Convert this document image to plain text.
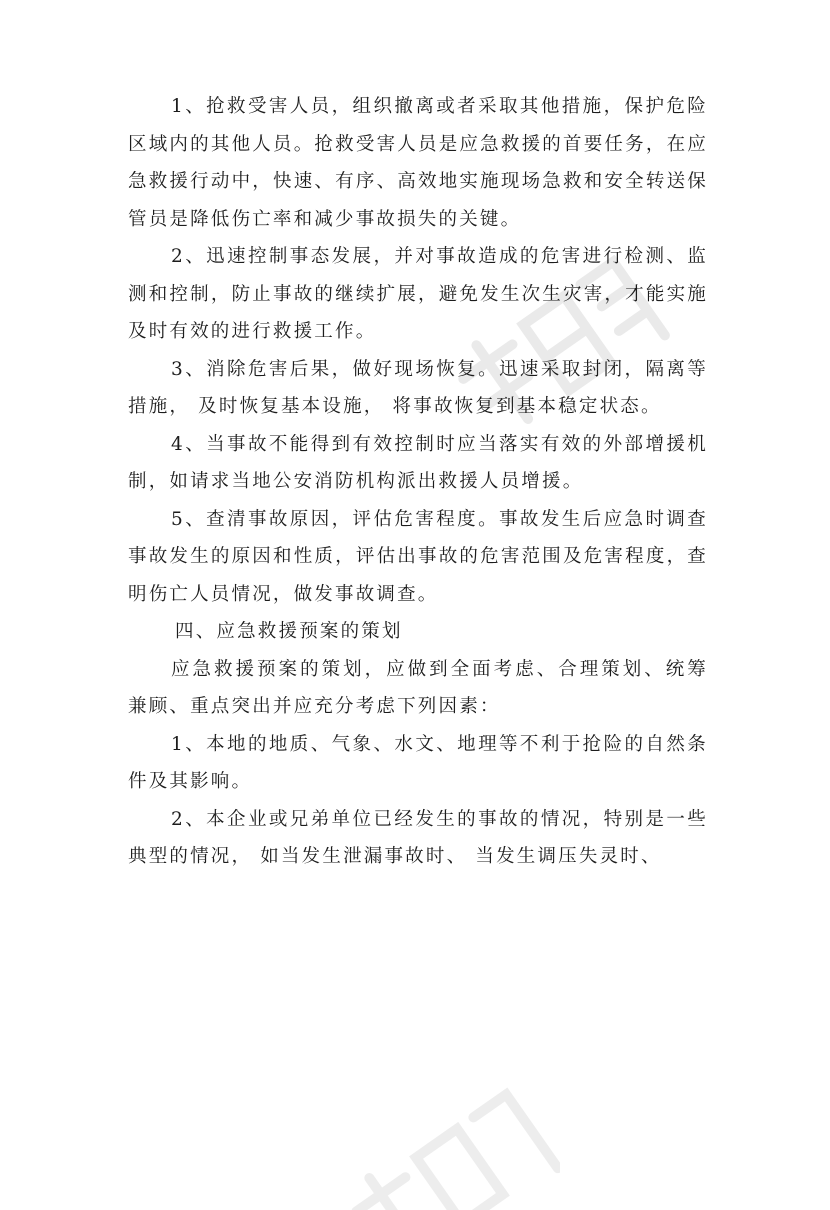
1、抢救受害人员，组织撤离或者采取其他措施，保护危险区域内的其他人员。抢救受害人员是应急救援的首要任务，在应急救援行动中，快速、有序、高效地实施现场急救和安全转送保管员是降低伤亡率和减少事故损失的关键。

2、迅速控制事态发展，并对事故造成的危害进行检测、监测和控制，防止事故的继续扩展，避免发生次生灾害，才能实施及时有效的进行救援工作。

3、消除危害后果，做好现场恢复。迅速采取封闭，隔离等措施， 及时恢复基本设施， 将事故恢复到基本稳定状态。

4、当事故不能得到有效控制时应当落实有效的外部增援机制，如请求当地公安消防机构派出救援人员增援。

5、查清事故原因，评估危害程度。事故发生后应急时调查事故发生的原因和性质，评估出事故的危害范围及危害程度，查明伤亡人员情况，做发事故调查。

四、应急救援预案的策划

应急救援预案的策划，应做到全面考虑、合理策划、统筹兼顾、重点突出并应充分考虑下列因素：

1、本地的地质、气象、水文、地理等不利于抢险的自然条件及其影响。

2、本企业或兄弟单位已经发生的事故的情况，特别是一些典型的情况， 如当发生泄漏事故时、 当发生调压失灵时、
